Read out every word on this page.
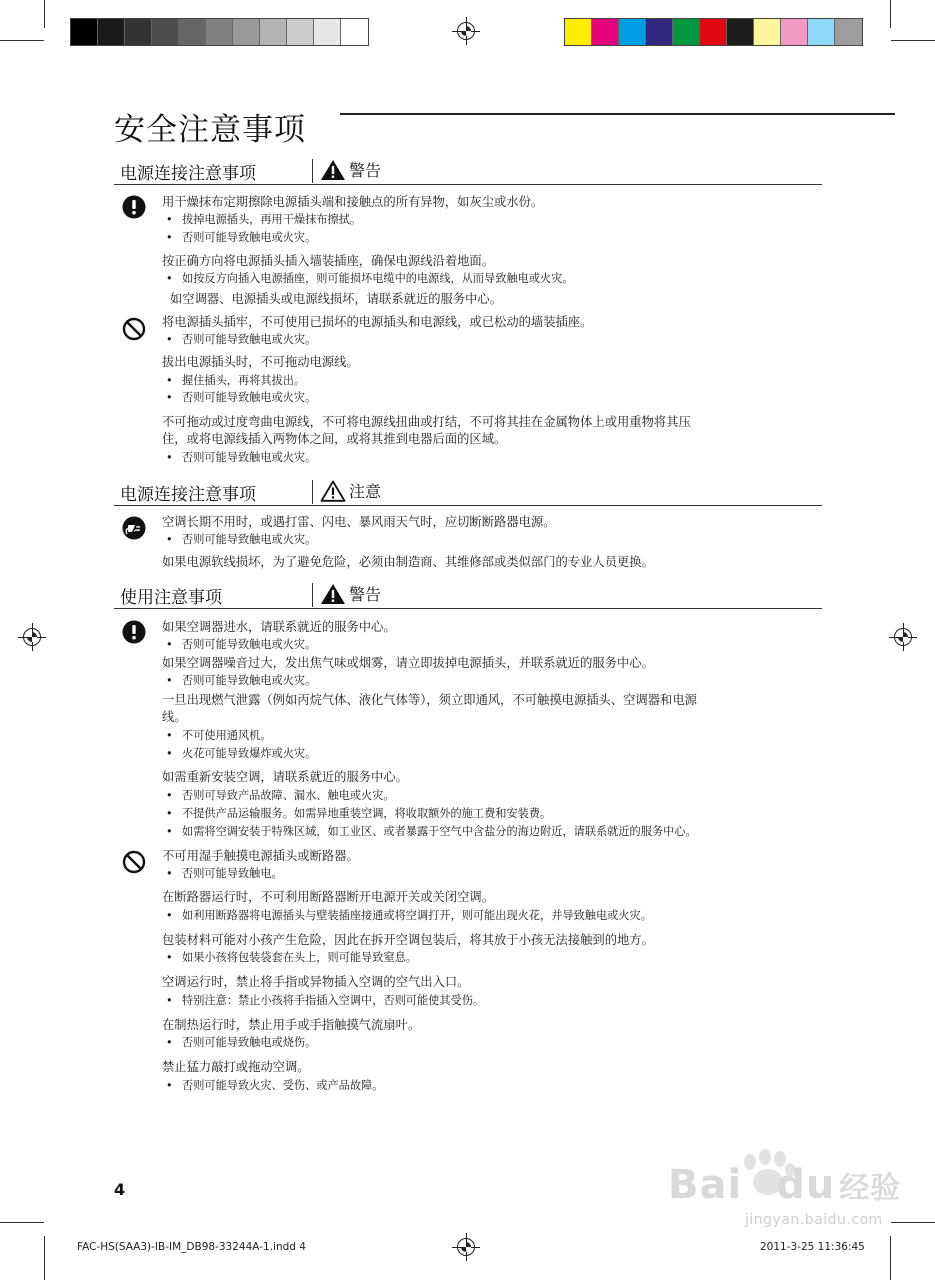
安全注意事项
电源连接注意事项	警告
用干燥抹布定期擦除电源插头端和接触点的所有异物，如灰尘或水份。
• 拔掉电源插头，再用干燥抹布擦拭。
• 否则可能导致触电或火灾。
按正确方向将电源插头插入墙装插座，确保电源线沿着地面。
• 如按反方向插入电源插座，则可能损坏电缆中的电源线，从而导致触电或火灾。
如空调器、电源插头或电源线损坏，请联系就近的服务中心。
将电源插头插牢，不可使用已损坏的电源插头和电源线，或已松动的墙装插座。
• 否则可能导致触电或火灾。
拔出电源插头时，不可拖动电源线。
• 握住插头，再将其拔出。
• 否则可能导致触电或火灾。
不可拖动或过度弯曲电源线，不可将电源线扭曲或打结，不可将其挂在金属物体上或用重物将其压
住，或将电源线插入两物体之间，或将其推到电器后面的区域。
• 否则可能导致触电或火灾。
电源连接注意事项	注意
空调长期不用时，或遇打雷、闪电、暴风雨天气时，应切断断路器电源。
• 否则可能导致触电或火灾。
如果电源软线损坏，为了避免危险，必须由制造商、其维修部或类似部门的专业人员更换。
使用注意事项	警告
如果空调器进水，请联系就近的服务中心。
• 否则可能导致触电或火灾。
如果空调器噪音过大，发出焦气味或烟雾，请立即拔掉电源插头，并联系就近的服务中心。
• 否则可能导致触电或火灾。
一旦出现燃气泄露（例如丙烷气体、液化气体等），须立即通风，不可触摸电源插头、空调器和电源
线。
• 不可使用通风机。
• 火花可能导致爆炸或火灾。
如需重新安装空调，请联系就近的服务中心。
• 否则可导致产品故障、漏水、触电或火灾。
• 不提供产品运输服务。如需异地重装空调，将收取额外的施工费和安装费。
• 如需将空调安装于特殊区域，如工业区、或者暴露于空气中含盐分的海边附近，请联系就近的服务中心。
不可用湿手触摸电源插头或断路器。
• 否则可能导致触电。
在断路器运行时，不可利用断路器断开电源开关或关闭空调。
• 如利用断路器将电源插头与壁装插座接通或将空调打开，则可能出现火花，并导致触电或火灾。
包装材料可能对小孩产生危险，因此在拆开空调包装后，将其放于小孩无法接触到的地方。
• 如果小孩将包装袋套在头上，则可能导致窒息。
空调运行时，禁止将手指或异物插入空调的空气出入口。
• 特别注意：禁止小孩将手指插入空调中，否则可能使其受伤。
在制热运行时，禁止用手或手指触摸气流扇叶。
• 否则可能导致触电或烧伤。
禁止猛力敲打或拖动空调。
• 否则可能导致火灾、受伤、或产品故障。
4	Bai du 经验
jingyan.baidu.com
FAC-HS(SAA3)-IB-IM_DB98-33244A-1.indd 4	2011-3-25 11:36:45
